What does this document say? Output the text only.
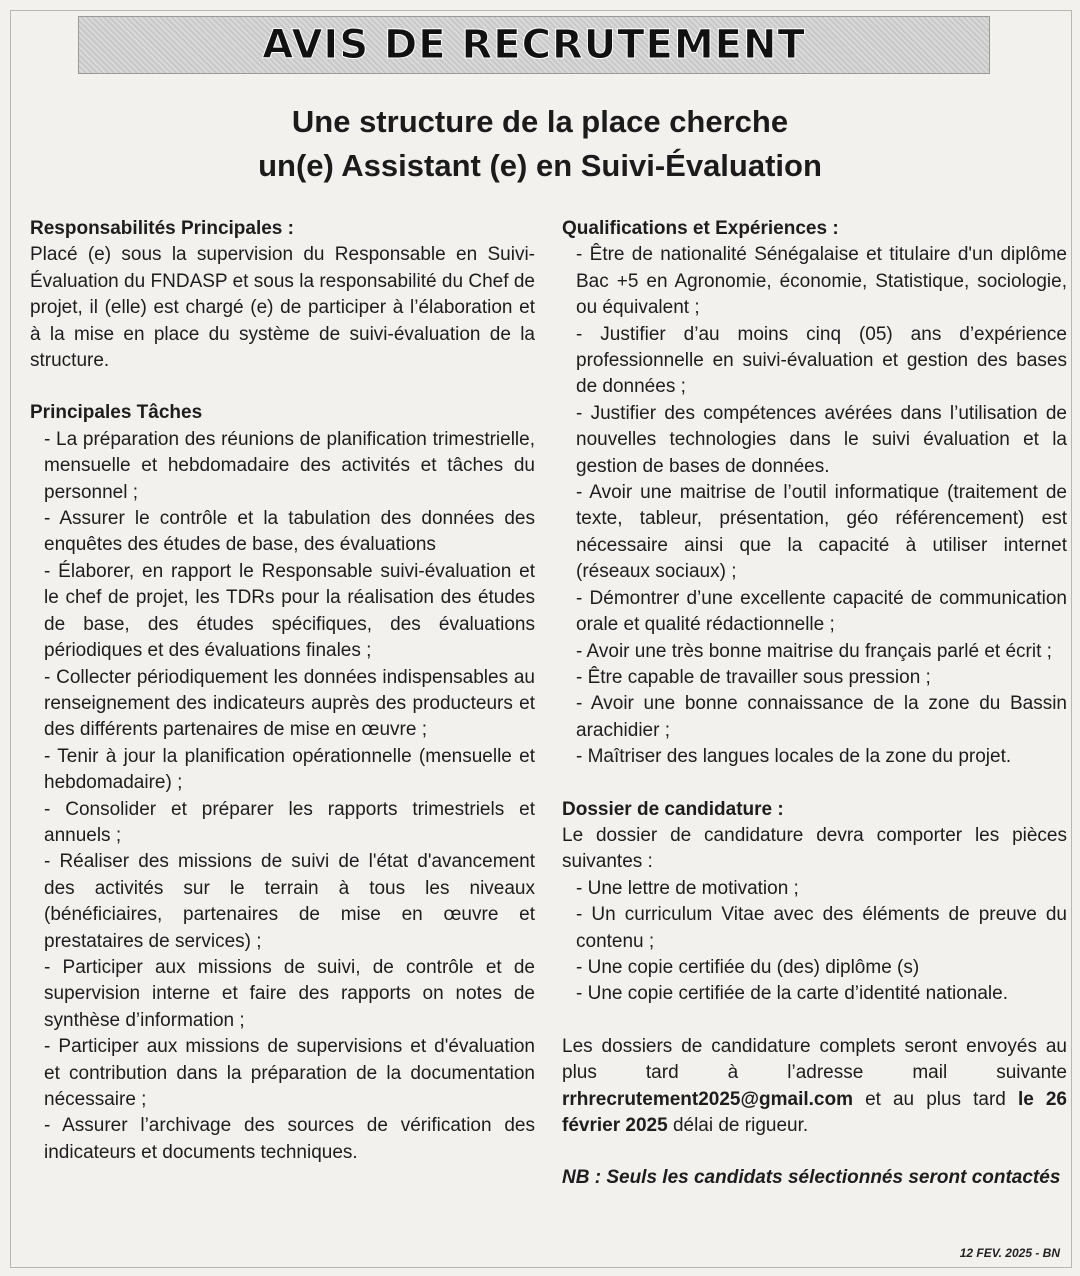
AVIS DE RECRUTEMENT
Une structure de la place cherche
un(e) Assistant (e) en Suivi-Évaluation

Responsabilités Principales :

Placé (e) sous la supervision du Responsable en Suivi-Évaluation du FNDASP et sous la responsabilité du Chef de projet, il (elle) est chargé (e) de participer à l’élaboration et à la mise en place du système de suivi-évaluation de la structure.

Principales Tâches

- La préparation des réunions de planification trimestrielle, mensuelle et hebdomadaire des activités et tâches du personnel ;

- Assurer le contrôle et la tabulation des données des enquêtes des études de base, des évaluations

- Élaborer, en rapport le Responsable suivi-évaluation et le chef de projet, les TDRs pour la réalisation des études de base, des études spécifiques, des évaluations périodiques et des évaluations finales ;

- Collecter périodiquement les données indispensables au renseignement des indicateurs auprès des producteurs et des différents partenaires de mise en œuvre ;

- Tenir à jour la planification opérationnelle (mensuelle et hebdomadaire) ;

- Consolider et préparer les rapports trimestriels et annuels ;

- Réaliser des missions de suivi de l'état d'avancement des activités sur le terrain à tous les niveaux (bénéficiaires, partenaires de mise en œuvre et prestataires de services) ;

- Participer aux missions de suivi, de contrôle et de supervision interne et faire des rapports on notes de synthèse d’information ;

- Participer aux missions de supervisions et d'évaluation et contribution dans la préparation de la documentation nécessaire ;

- Assurer l’archivage des sources de vérification des indicateurs et documents techniques.

Qualifications et Expériences :

- Être de nationalité Sénégalaise et titulaire d'un diplôme Bac +5 en Agronomie, économie, Statistique, sociologie, ou équivalent ;

- Justifier d’au moins cinq (05) ans d’expérience professionnelle en suivi-évaluation et gestion des bases de données ;

- Justifier des compétences avérées dans l’utilisation de nouvelles technologies dans le suivi évaluation et la gestion de bases de données.

- Avoir une maitrise de l’outil informatique (traitement de texte, tableur, présentation, géo référencement) est nécessaire ainsi que la capacité à utiliser internet (réseaux sociaux) ;

- Démontrer d’une excellente capacité de communication orale et qualité rédactionnelle ;

- Avoir une très bonne maitrise du français parlé et écrit ;

- Être capable de travailler sous pression ;

- Avoir une bonne connaissance de la zone du Bassin arachidier ;

- Maîtriser des langues locales de la zone du projet.

Dossier de candidature :

Le dossier de candidature devra comporter les pièces suivantes :

- Une lettre de motivation ;

- Un curriculum Vitae avec des éléments de preuve du contenu ;

- Une copie certifiée du (des) diplôme (s)

- Une copie certifiée de la carte d’identité nationale.

Les dossiers de candidature complets seront envoyés au plus tard à l’adresse mail suivante rrhrecrutement2025@gmail.com et au plus tard le 26 février 2025 délai de rigueur.

NB : Seuls les candidats sélectionnés seront contactés

12 FEV. 2025 - BN
